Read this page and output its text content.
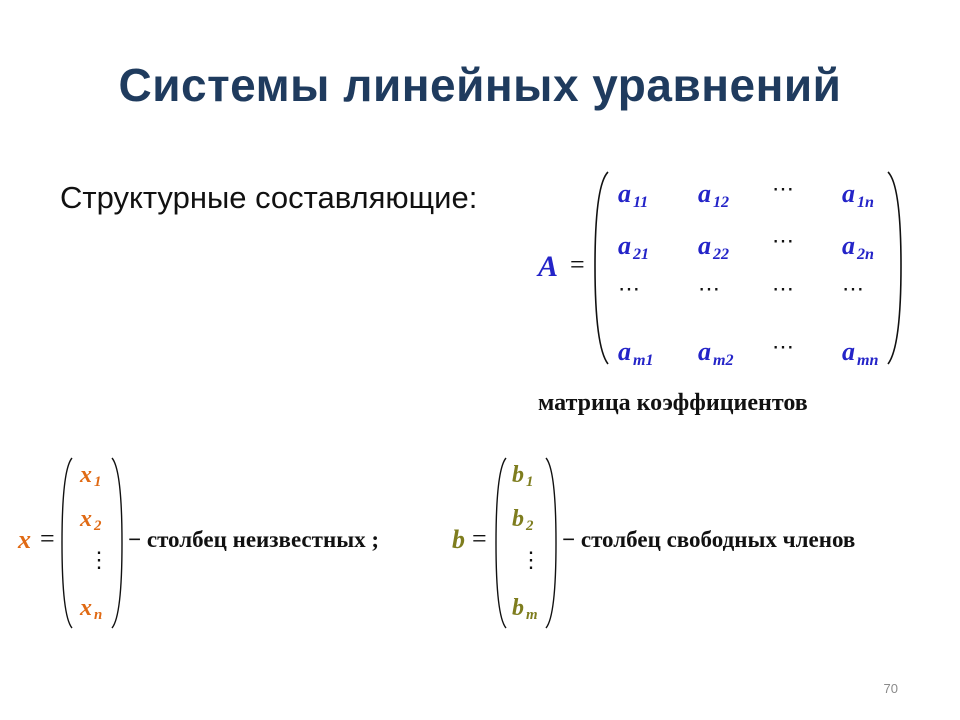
Системы линейных уравнений
Структурные составляющие:
A =
a 11 a 12
⋯ a 1n
a 21 a 22
⋯ a 2n
⋯	⋯ ⋯ ⋯
am1 am2
⋯ amn
матрица коэффициентов
x =
x 1
x 2
⋮
xn
− столбец неизвестных ;	b =
b 1
b 2
⋮
bm
− столбец свободных членов
70
